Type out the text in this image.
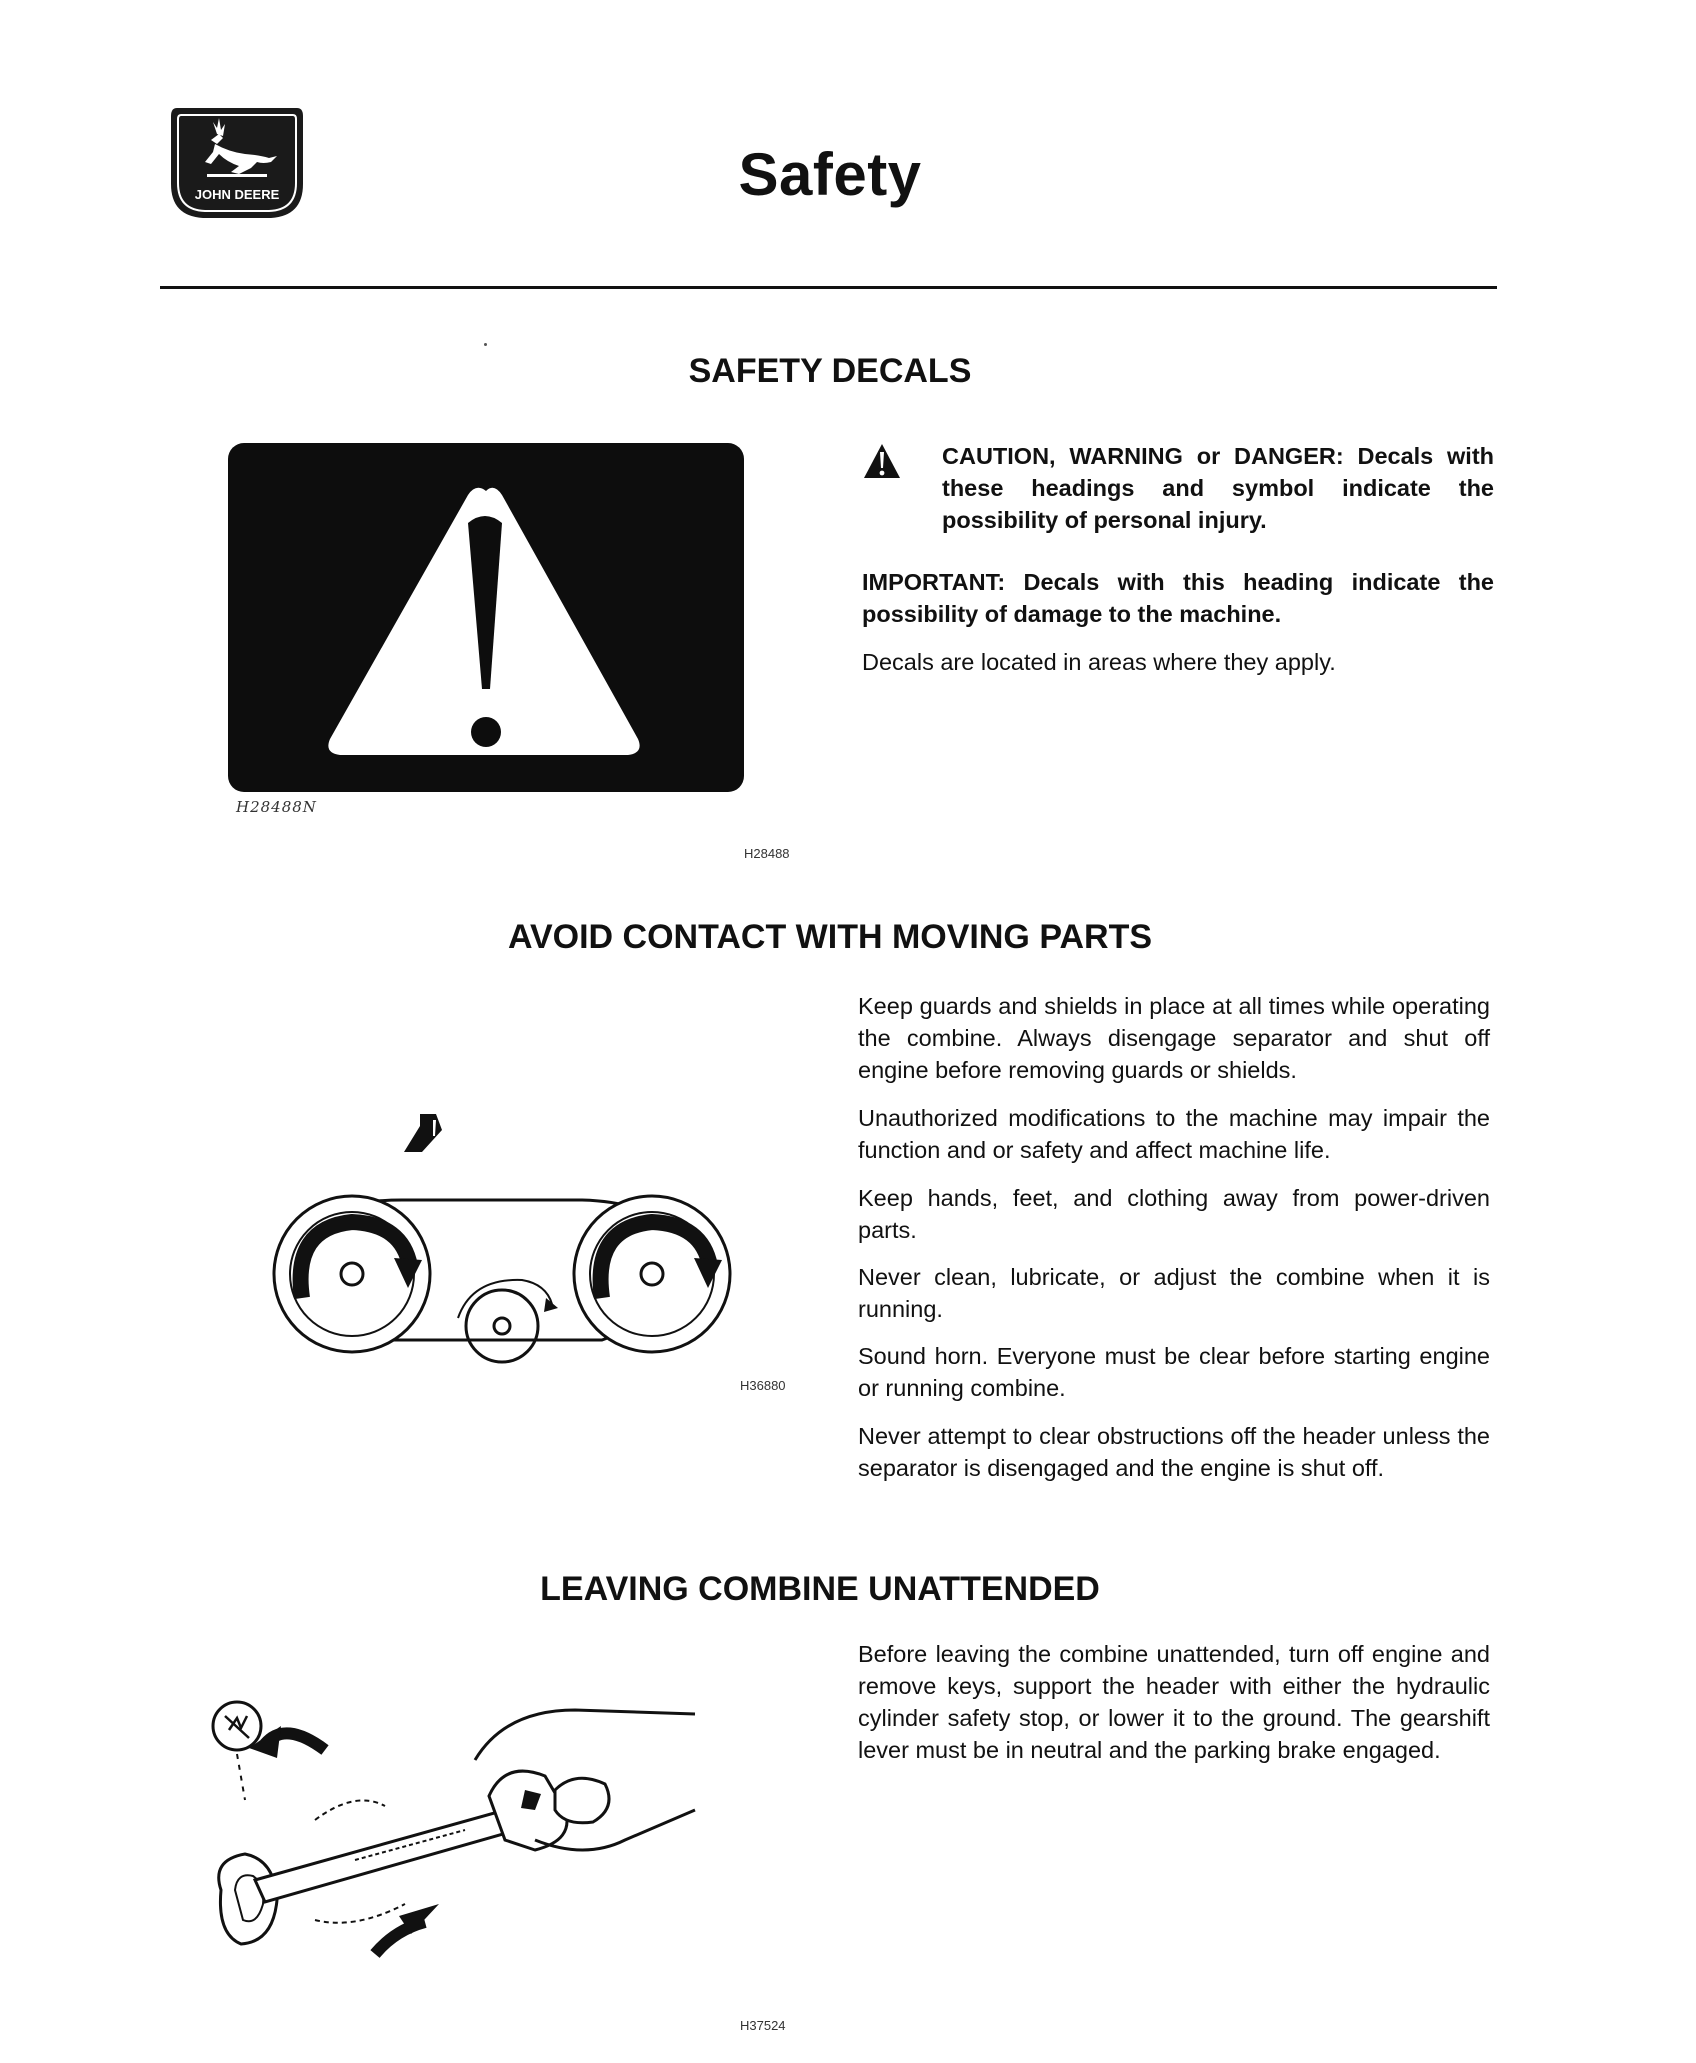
JOHN DEERE	Safety
SAFETY DECALS
H28488N
H28488

CAUTION, WARNING or DANGER: Decals with these headings and symbol indicate the possibility of personal injury.

IMPORTANT: Decals with this heading indicate the possibility of damage to the machine.

Decals are located in areas where they apply.

AVOID CONTACT WITH MOVING PARTS
H36880

Keep guards and shields in place at all times while operating the combine. Always disengage separator and shut off engine before removing guards or shields.

Unauthorized modifications to the machine may impair the function and or safety and affect machine life.

Keep hands, feet, and clothing away from power-driven parts.

Never clean, lubricate, or adjust the combine when it is running.

Sound horn. Everyone must be clear before starting engine or running combine.

Never attempt to clear obstructions off the header unless the separator is disengaged and the engine is shut off.

LEAVING COMBINE UNATTENDED
H37524

Before leaving the combine unattended, turn off engine and remove keys, support the header with either the hydraulic cylinder safety stop, or lower it to the ground. The gearshift lever must be in neutral and the parking brake engaged.
